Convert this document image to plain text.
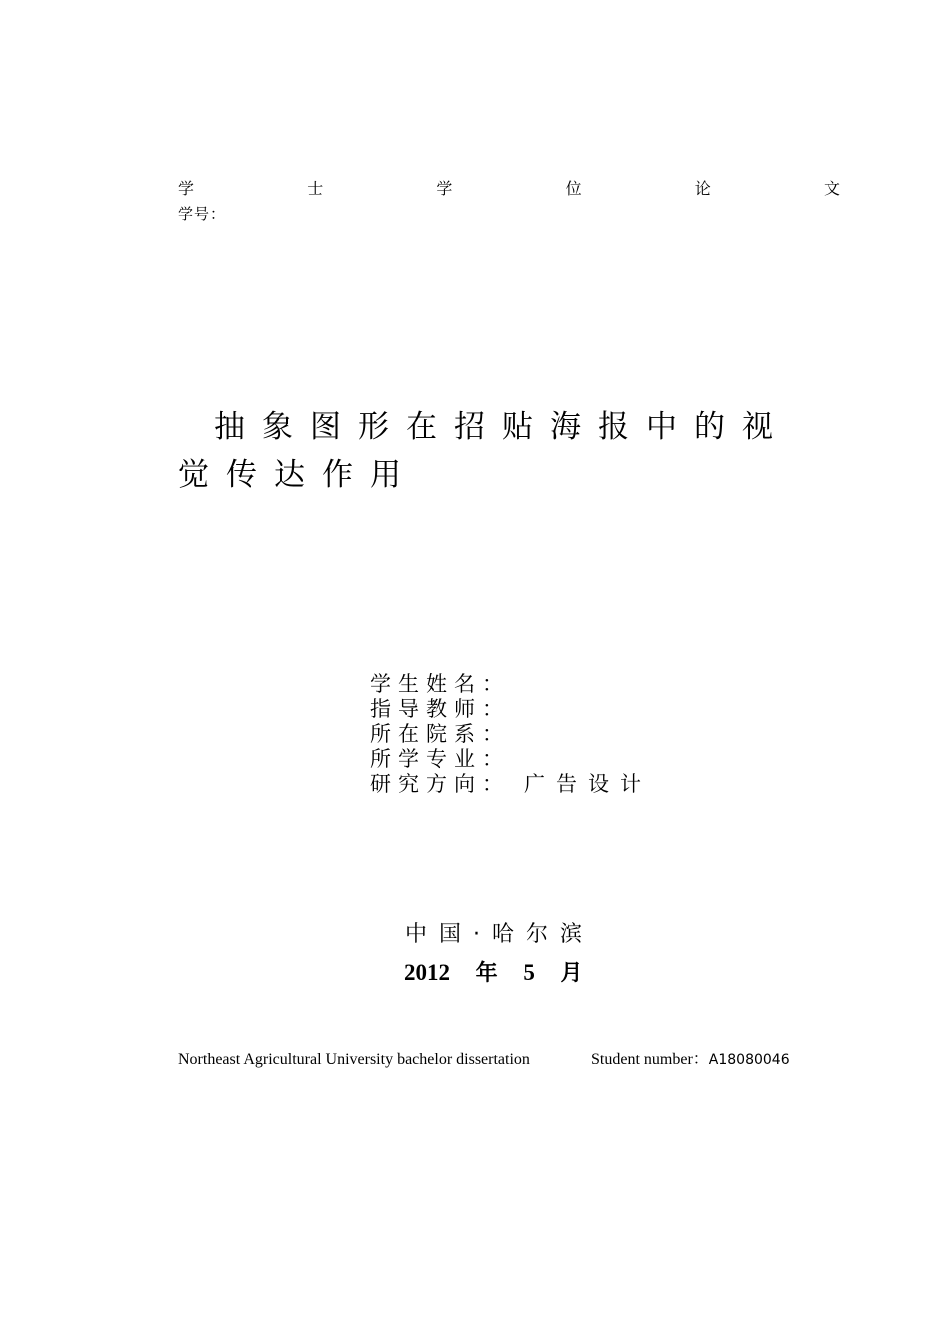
学	士	学	位	论	文
学号：
抽象图形在招贴海报中的视
觉传达作用
学生姓名：
指导教师：
所在院系：
所学专业：
研究方向： 广告设计
中国·哈尔滨
2012 年 5 月
Northeast Agricultural University bachelor dissertation	Student number：A18080046
